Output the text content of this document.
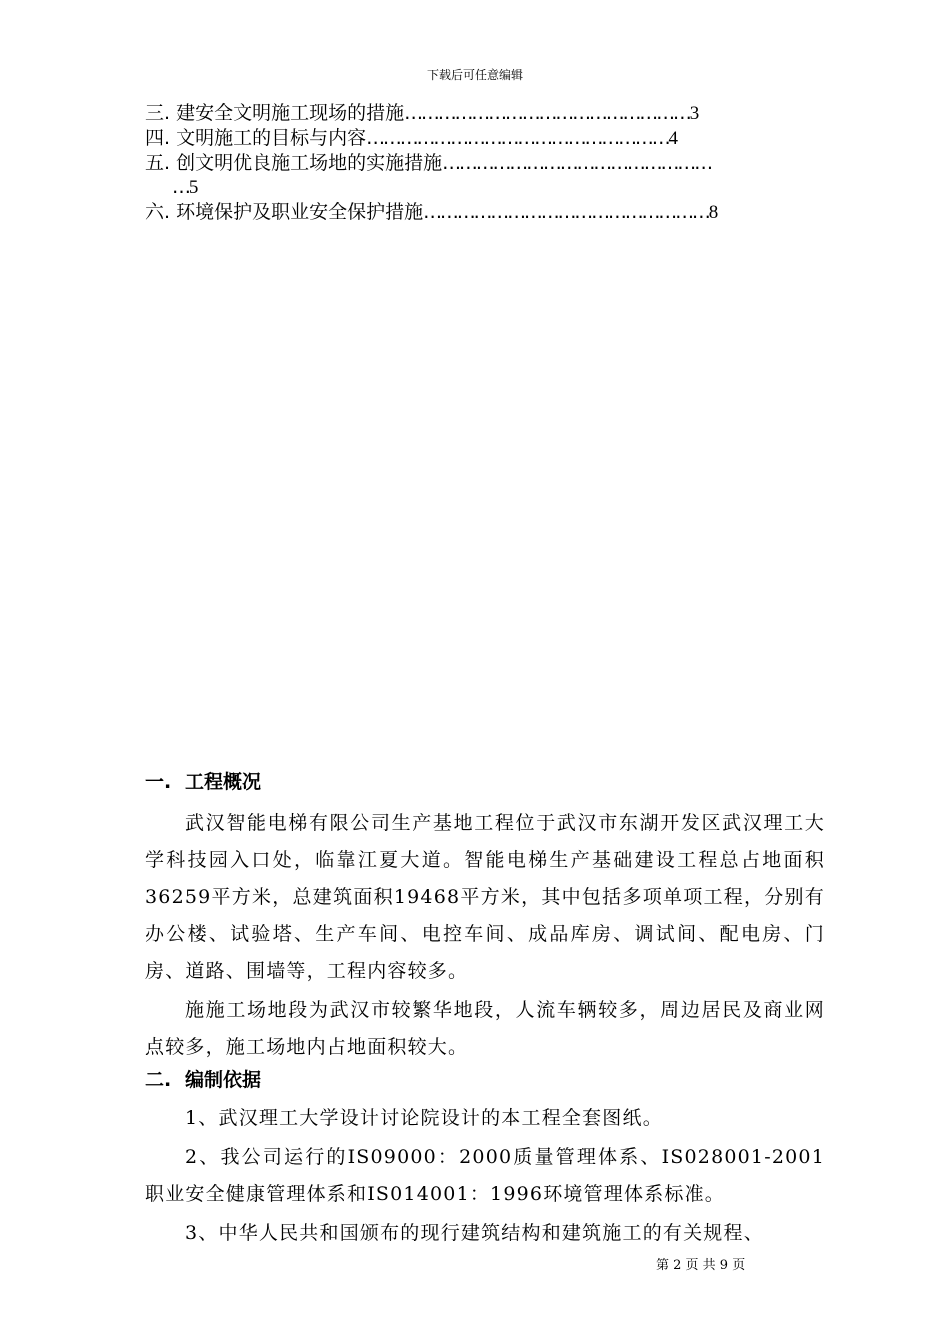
下载后可任意编辑
三. 建安全文明施工现场的措施……………………………………………3
四. 文明施工的目标与内容………………………………………………4
五. 创文明优良施工场地的实施措施…………………………………………
…5
六. 环境保护及职业安全保护措施……………………………………………8
一. 工程概况

武汉智能电梯有限公司生产基地工程位于武汉市东湖开发区武汉理工大学科技园入口处，临靠江夏大道。智能电梯生产基础建设工程总占地面积36259平方米，总建筑面积19468平方米，其中包括多项单项工程，分别有办公楼、试验塔、生产车间、电控车间、成品库房、调试间、配电房、门房、道路、围墙等，工程内容较多。

施施工场地段为武汉市较繁华地段，人流车辆较多，周边居民及商业网点较多，施工场地内占地面积较大。

二. 编制依据

1、武汉理工大学设计讨论院设计的本工程全套图纸。

2、我公司运行的IS09000：2000质量管理体系、IS028001-2001职业安全健康管理体系和IS014001：1996环境管理体系标准。

3、中华人民共和国颁布的现行建筑结构和建筑施工的有关规程、

第 2 页 共 9 页
